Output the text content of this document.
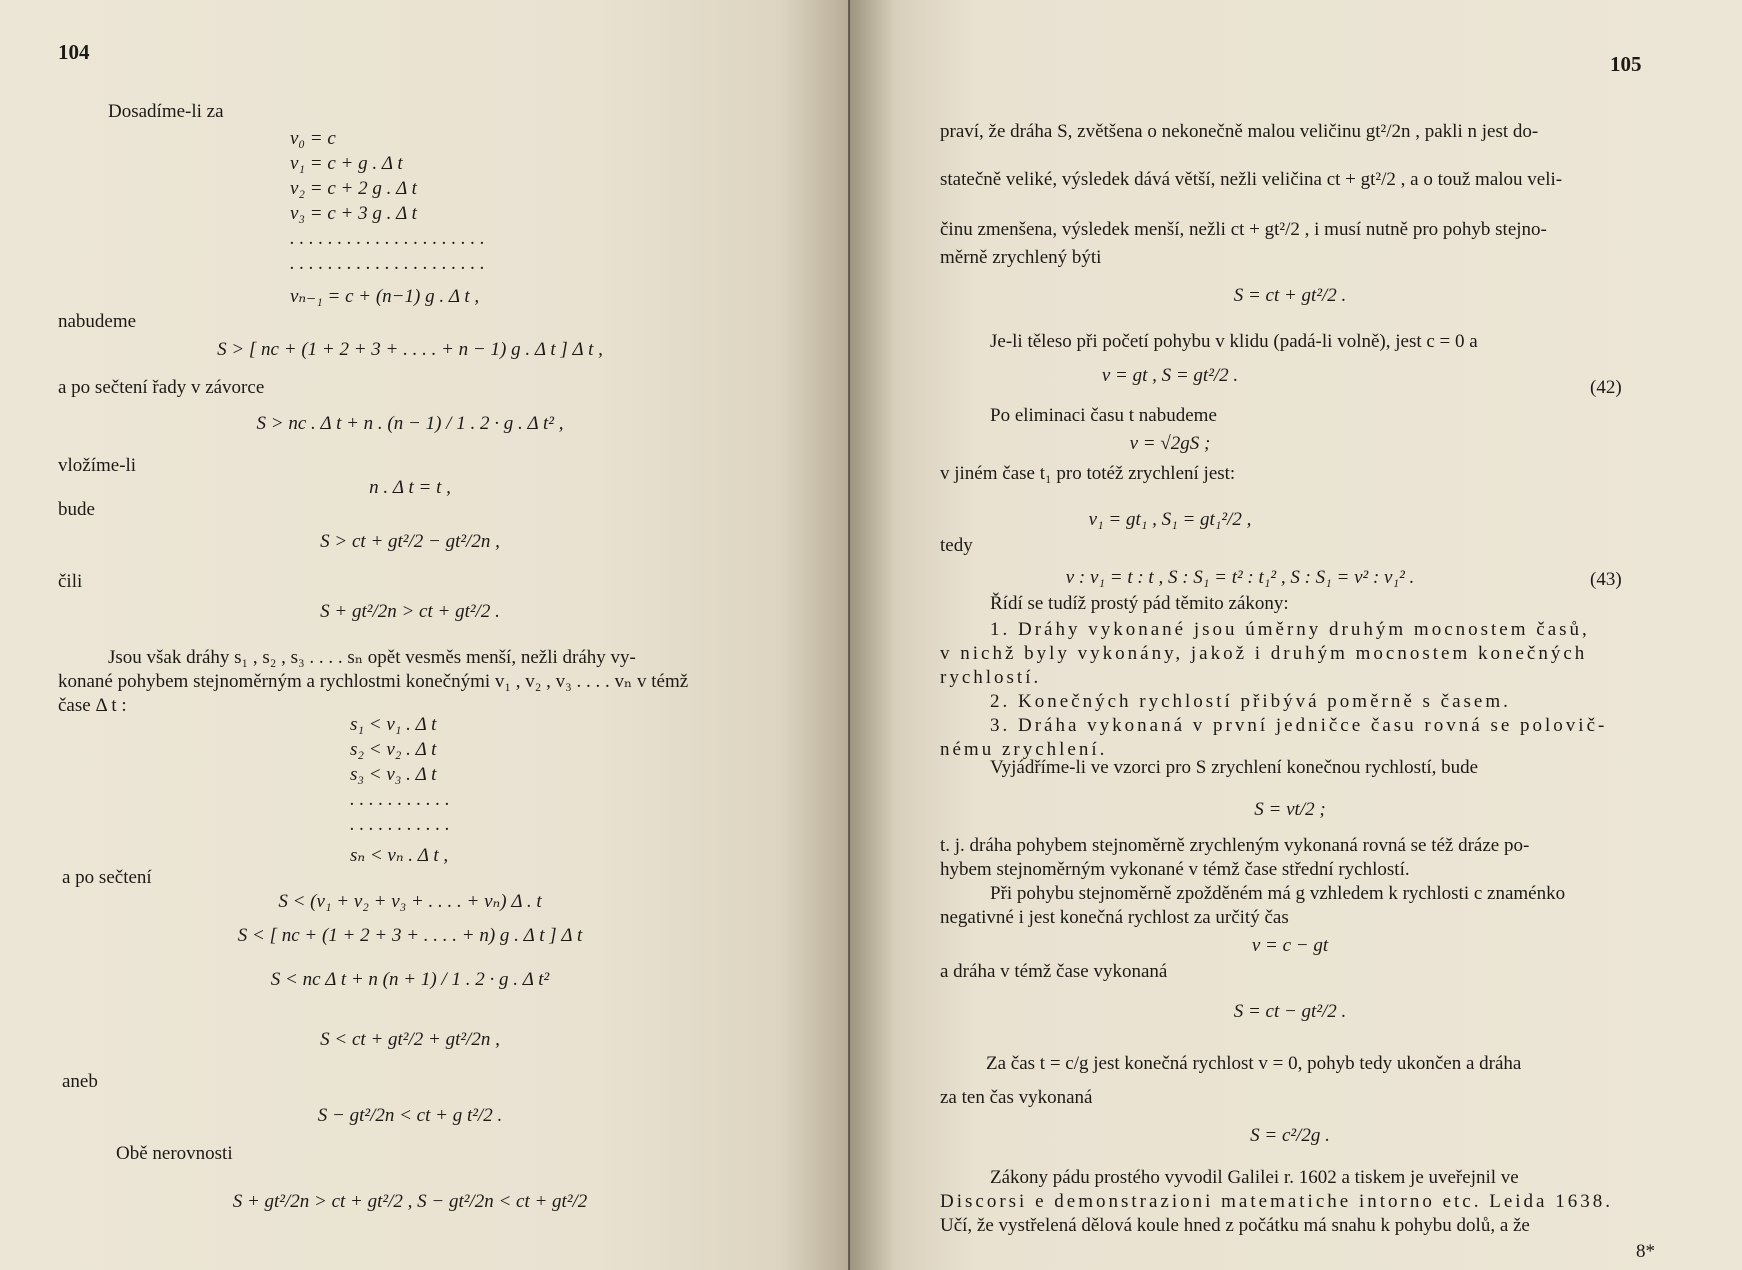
104
Dosadíme-li za
v₀ = c
v₁ = c + g . Δ t
v₂ = c + 2 g . Δ t
v₃ = c + 3 g . Δ t
. . . . . . . . . . . . . . . . . . . . .
. . . . . . . . . . . . . . . . . . . . .
vₙ₋₁ = c + (n−1) g . Δ t ,
nabudeme
S > [ nc + (1 + 2 + 3 + . . . . + n − 1) g . Δ t ] Δ t ,
a po sečtení řady v závorce
S > nc . Δ t + n . (n − 1) / 1 . 2 · g . Δ t² ,
vložíme-li
n . Δ t = t ,
bude
S > ct + gt²/2 − gt²/2n ,
čili
S + gt²/2n > ct + gt²/2 .
Jsou však dráhy s₁ , s₂ , s₃ . . . . sₙ opět vesměs menší, nežli dráhy vy-
konané pohybem stejnoměrným a rychlostmi konečnými v₁ , v₂ , v₃ . . . . vₙ v témž
čase Δ t :
s₁ < v₁ . Δ t
s₂ < v₂ . Δ t
s₃ < v₃ . Δ t
. . . . . . . . . . .
. . . . . . . . . . .
sₙ < vₙ . Δ t ,
a po sečtení
S < (v₁ + v₂ + v₃ + . . . . + vₙ) Δ . t
S < [ nc + (1 + 2 + 3 + . . . . + n) g . Δ t ] Δ t
S < nc Δ t + n (n + 1) / 1 . 2 · g . Δ t²
S < ct + gt²/2 + gt²/2n ,
aneb
S − gt²/2n < ct + g t²/2 .
Obě nerovnosti
S + gt²/2n > ct + gt²/2 , S − gt²/2n < ct + gt²/2
105
praví, že dráha S, zvětšena o nekonečně malou veličinu gt²/2n , pakli n jest do-
statečně veliké, výsledek dává větší, nežli veličina ct + gt²/2 , a o touž malou veli-
činu zmenšena, výsledek menší, nežli ct + gt²/2 , i musí nutně pro pohyb stejno-
měrně zrychlený býti
S = ct + gt²/2 .
Je-li těleso při početí pohybu v klidu (padá-li volně), jest c = 0 a
v = gt , S = gt²/2 .
(42)
Po eliminaci času t nabudeme
v = √2gS ;
v jiném čase t₁ pro totéž zrychlení jest:
v₁ = gt₁ , S₁ = gt₁²/2 ,
tedy
v : v₁ = t : t , S : S₁ = t² : t₁² , S : S₁ = v² : v₁² .	(43)
Řídí se tudíž prostý pád těmito zákony:
1. Dráhy vykonané jsou úměrny druhým mocnostem časů,
v nichž byly vykonány, jakož i druhým mocnostem konečných
rychlostí.
2. Konečných rychlostí přibývá poměrně s časem.
3. Dráha vykonaná v první jedničce času rovná se polovič-
nému zrychlení.
Vyjádříme-li ve vzorci pro S zrychlení konečnou rychlostí, bude
S = vt/2 ;
t. j. dráha pohybem stejnoměrně zrychleným vykonaná rovná se též dráze po-
hybem stejnoměrným vykonané v témž čase střední rychlostí.
Při pohybu stejnoměrně zpožděném má g vzhledem k rychlosti c znaménko
negativné i jest konečná rychlost za určitý čas
v = c − gt
a dráha v témž čase vykonaná
S = ct − gt²/2 .
Za čas t = c/g jest konečná rychlost v = 0, pohyb tedy ukončen a dráha
za ten čas vykonaná
S = c²/2g .
Zákony pádu prostého vyvodil Galilei r. 1602 a tiskem je uveřejnil ve
Discorsi e demonstrazioni matematiche intorno etc. Leida 1638.
Učí, že vystřelená dělová koule hned z počátku má snahu k pohybu dolů, a že
8*
